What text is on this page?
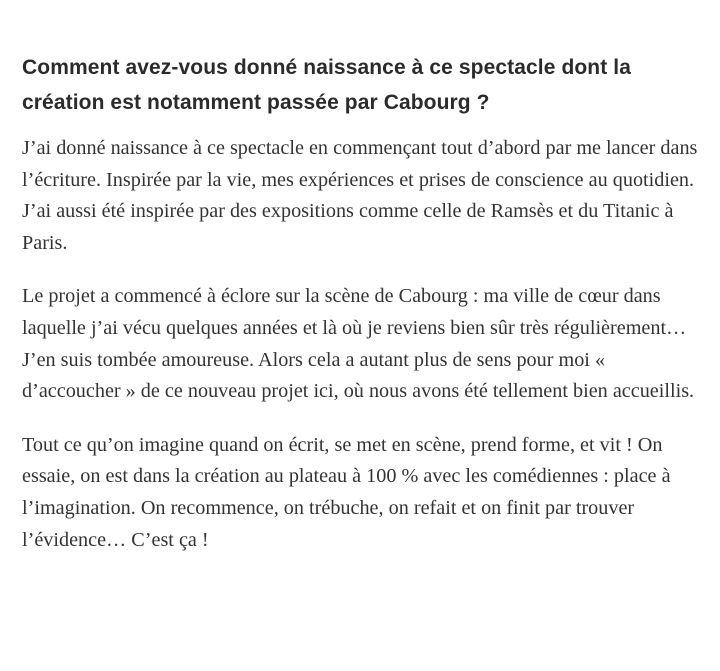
Comment avez-vous donné naissance à ce spectacle dont la création est notamment passée par Cabourg ?

J’ai donné naissance à ce spectacle en commençant tout d’abord par me lancer dans l’écriture. Inspirée par la vie, mes expériences et prises de conscience au quotidien. J’ai aussi été inspirée par des expositions comme celle de Ramsès et du Titanic à Paris.

Le projet a commencé à éclore sur la scène de Cabourg : ma ville de cœur dans laquelle j’ai vécu quelques années et là où je reviens bien sûr très régulièrement… J’en suis tombée amoureuse. Alors cela a autant plus de sens pour moi « d’accoucher » de ce nouveau projet ici, où nous avons été tellement bien accueillis.

Tout ce qu’on imagine quand on écrit, se met en scène, prend forme, et vit ! On essaie, on est dans la création au plateau à 100 % avec les comédiennes : place à l’imagination. On recommence, on trébuche, on refait et on finit par trouver l’évidence… C’est ça !
